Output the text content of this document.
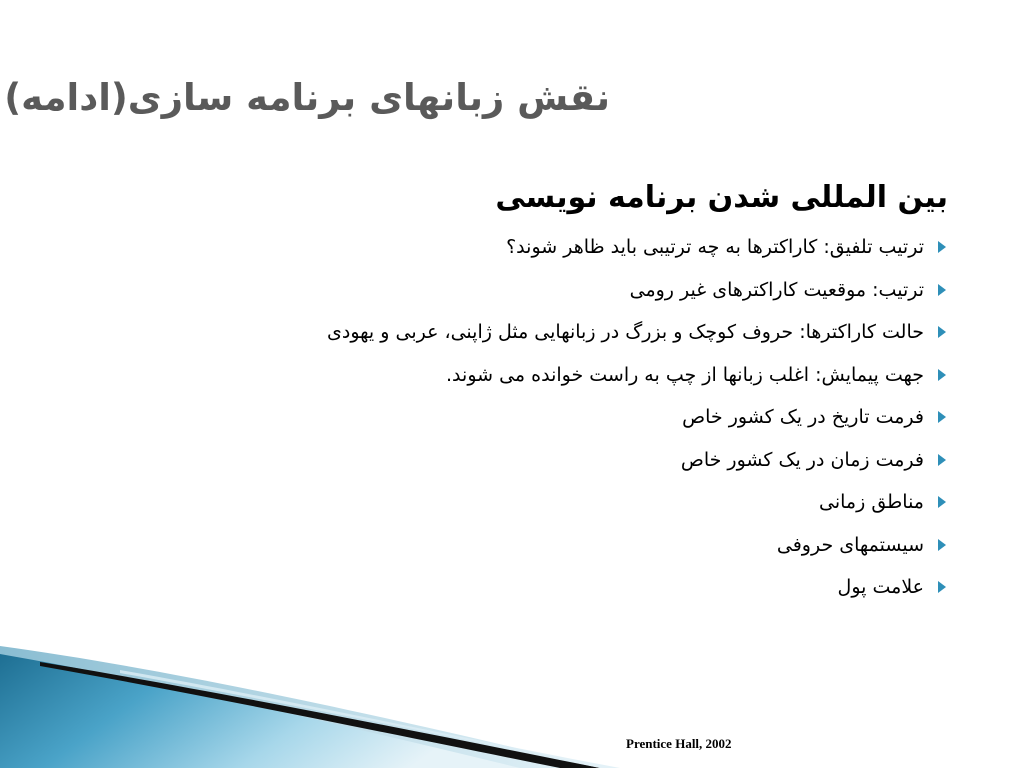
نقش زبانهای برنامه سازی(ادامه)
بین المللی شدن برنامه نویسی
ترتیب تلفیق: کاراکترها به چه ترتیبی باید ظاهر شوند؟
ترتیب: موقعیت کاراکترهای غیر رومی
حالت کاراکترها: حروف کوچک و بزرگ در زبانهایی مثل ژاپنی، عربی و یهودی
جهت پیمایش: اغلب زبانها از چپ به راست خوانده می شوند.
فرمت تاریخ در یک کشور خاص
فرمت زمان در یک کشور خاص
مناطق زمانی
سیستمهای حروفی
علامت پول
Prentice Hall, 2002
